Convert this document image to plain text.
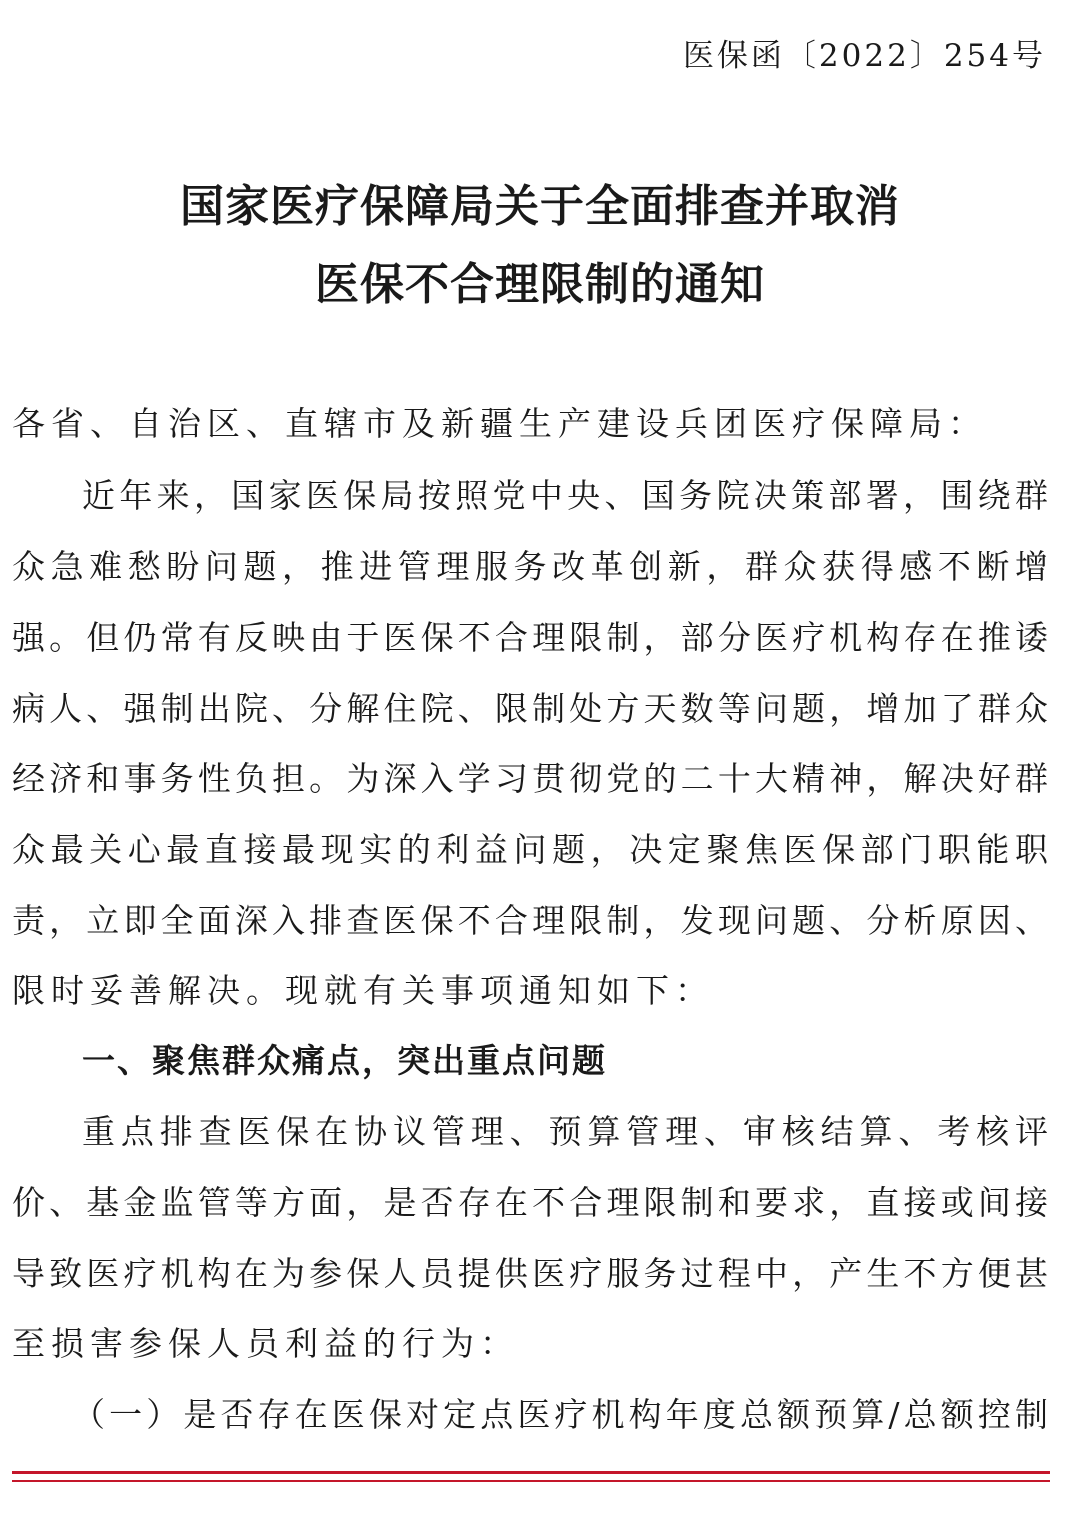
医保函〔2022〕254号
国家医疗保障局关于全面排查并取消
医保不合理限制的通知
各省、自治区、直辖市及新疆生产建设兵团医疗保障局：
近年来，国家医保局按照党中央、国务院决策部署，围绕群
众急难愁盼问题，推进管理服务改革创新，群众获得感不断增
强。但仍常有反映由于医保不合理限制，部分医疗机构存在推诿
病人、强制出院、分解住院、限制处方天数等问题，增加了群众
经济和事务性负担。为深入学习贯彻党的二十大精神，解决好群
众最关心最直接最现实的利益问题，决定聚焦医保部门职能职
责，立即全面深入排查医保不合理限制，发现问题、分析原因、
限时妥善解决。现就有关事项通知如下：
一、聚焦群众痛点，突出重点问题
重点排查医保在协议管理、预算管理、审核结算、考核评
价、基金监管等方面，是否存在不合理限制和要求，直接或间接
导致医疗机构在为参保人员提供医疗服务过程中，产生不方便甚
至损害参保人员利益的行为：
（一）是否存在医保对定点医疗机构年度总额预算/总额控制
